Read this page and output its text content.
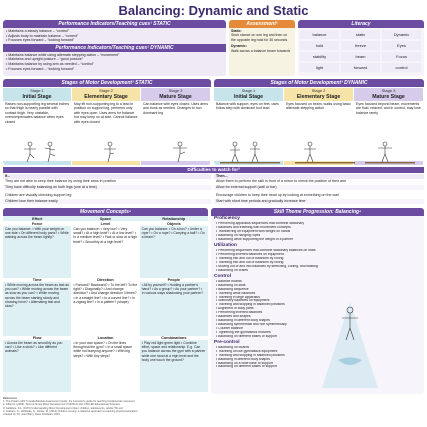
Balancing: Dynamic and Static
Performance Indicators/Teaching cues¹ STATIC
• Maintains a steady balance – “control”
• Adjusts body to maintain balance – “correct”
• Focuses eyes forward – “looking forward”
Performance Indicators/Teaching cues¹ DYNAMIC
• Maintains balance while using alternate stepping action – “movement”
• Maintains and upright posture – “good posture”
• Maintains balance by using arm as needed – “control”
• Focuses eyes forward – “looking forward”
Assessment²
Static:
Stork stance on one leg and then on the opposite leg hold for 30 seconds
Dynamic:
Walk across a balance beam forwards
Literacy
balance	static	Dynamic
hold	freeze	Eyes
stability	beam	Focus
light	forward	control
Stages of Motor Development³ STATIC
Stage 1
Initial Stage
Raises non-supporting leg several inches so that thigh is nearly parallel with contact thigh. Very unstable, overcompensates balance when eyes closed
Stage 2
Elementary Stage
May lift non-supporting leg to a lead in position on support leg, performs only with eyes open. Uses arms for balance but may keep on at side. Cannot balance with eyes closed
Stage 3
Mature Stage
Can balance with eyes closed. Uses arms and trunk as needed. Changes to non dominant leg
Stages of Motor Development³ DYNAMIC
Stage 1
Initial Stage
Balance with support, eyes on feet, uses follow step with dominant foot lead
Stage 2
Elementary Stage
Eyes focused on beam, walks using basic alternate stepping action
Stage 3
Mature Stage
Eyes focused beyond beam, movements are fluid, relaxed, and in control, may lose balance rarely
Difficulties to watch for³
If...	Then...
They are not able to keep their balance by using their arms in position	Allow them to perform the skill in front of a mirror to check the position of their arm
They have difficulty balancing on both legs (one at a time)	Allow for external support (wall or bar)
Children are visually checking support leg	Encourage children to keep their head up by looking at something on the wall
Children lose their balance easily	Start with short time periods and gradually increase time
Movement Concepts⁴
Effort	Space	Relationship
Force	Level	Objects
Can you balance: • With your weight on one side • On different body parts? • While walking across the beam lightly?
Can you balance: • Very low? • Very small? • At a high level? • At a low level? • In a medium level? • Fast or slow at a high level? • Smoothly at a high level?
Can you balance: • On a box? • Under a rope? • On a rope? • Carrying a ball? • On a beam?
Time	Direction	People
• While moving across the beam as fast as you can? • While moving across the beam as slow as you can? • While moving across the beam starting slowly and showing force? • Alternating fast and slow?
• Forward? Backward? • To the left? To the right? • Diagonally? • And change direction? • And change direction 3 times? • In a straight line? • In a curved line? • In a zigzag line? • In a pattern? (shape)
• All by yourself? • Holding a partner's hand? • As a group? • As your partner? • In various ways shadowing your partner?
Flow	Location	Combinations
• Across the beam as smoothly as you can? • Like a stork? • Like different animals?
• In your own space? • On the lines throughout the gym? • In a small space while not bumping anyone? • With big steps? • With tiny steps?
• Play red light green light • Combine effort, space and relationship. E.g. Can you balance across the gym with a partner while one hand at a high level and the body one touch the ground?
Skill Theme Progression: Balancing⁴
Proficiency
• Performing apparatus sequences that combine stationary
• Balances and traveling with movement concepts
• Transferring off equipment with weight on hands
• Balancing on hanging ropes
• Balancing while supporting the weight of a partner
Utilization
• Performing sequences that combine stationary balances on mats
• Performing inverted balances on equipment
• Traveling into and out of balances by rolling
• Traveling into and out of balances by rolling
• Moving out of and into balances by stretching, curling, and twisting
• Balancing on crates
Control
• Balance boards
• Balancing on stilts
• Balancing sequence
• Traveling while balanced
• Traveling in large apparatus
• Stationary balances on equipment
• Traveling and stopping in balanced positions
• Alignment of body parts
• Performing inverted balances
• Balances and shapes
• Balancing in different body shapes
• Balancing symmetrical and non symmetrically
• Counter balance
• Tightening the gymnastics muscles
• Balancing on different bases of support
Pre-control
• Balancing on boards
• Traveling on low gymnastics equipment
• Traveling and stopping in balanced positions
• Balancing in different body shapes
• Balancing on a wide base of support
• Balancing on different bases of support
References
1. The Ontario (2017) Grade/Module Assessment Guide: the instructor's guide for teaching fundamental movement.
2. Lillian H. (2009). Tests of Gross Motor Development (TGMD-2) 2nd. PRO-ED Educational Sciences
3. Gallahue, D.L. (1976) Understanding Motor Development infant, children, adolescents, adults (7th ed.)
4. Graham, G., Holt/Hale, S., Parker, M. (2013) Children moving: A reflective approach to teaching physical education.
Created by: Dr. Jean Barry, Dean Kriellaars, 2015
